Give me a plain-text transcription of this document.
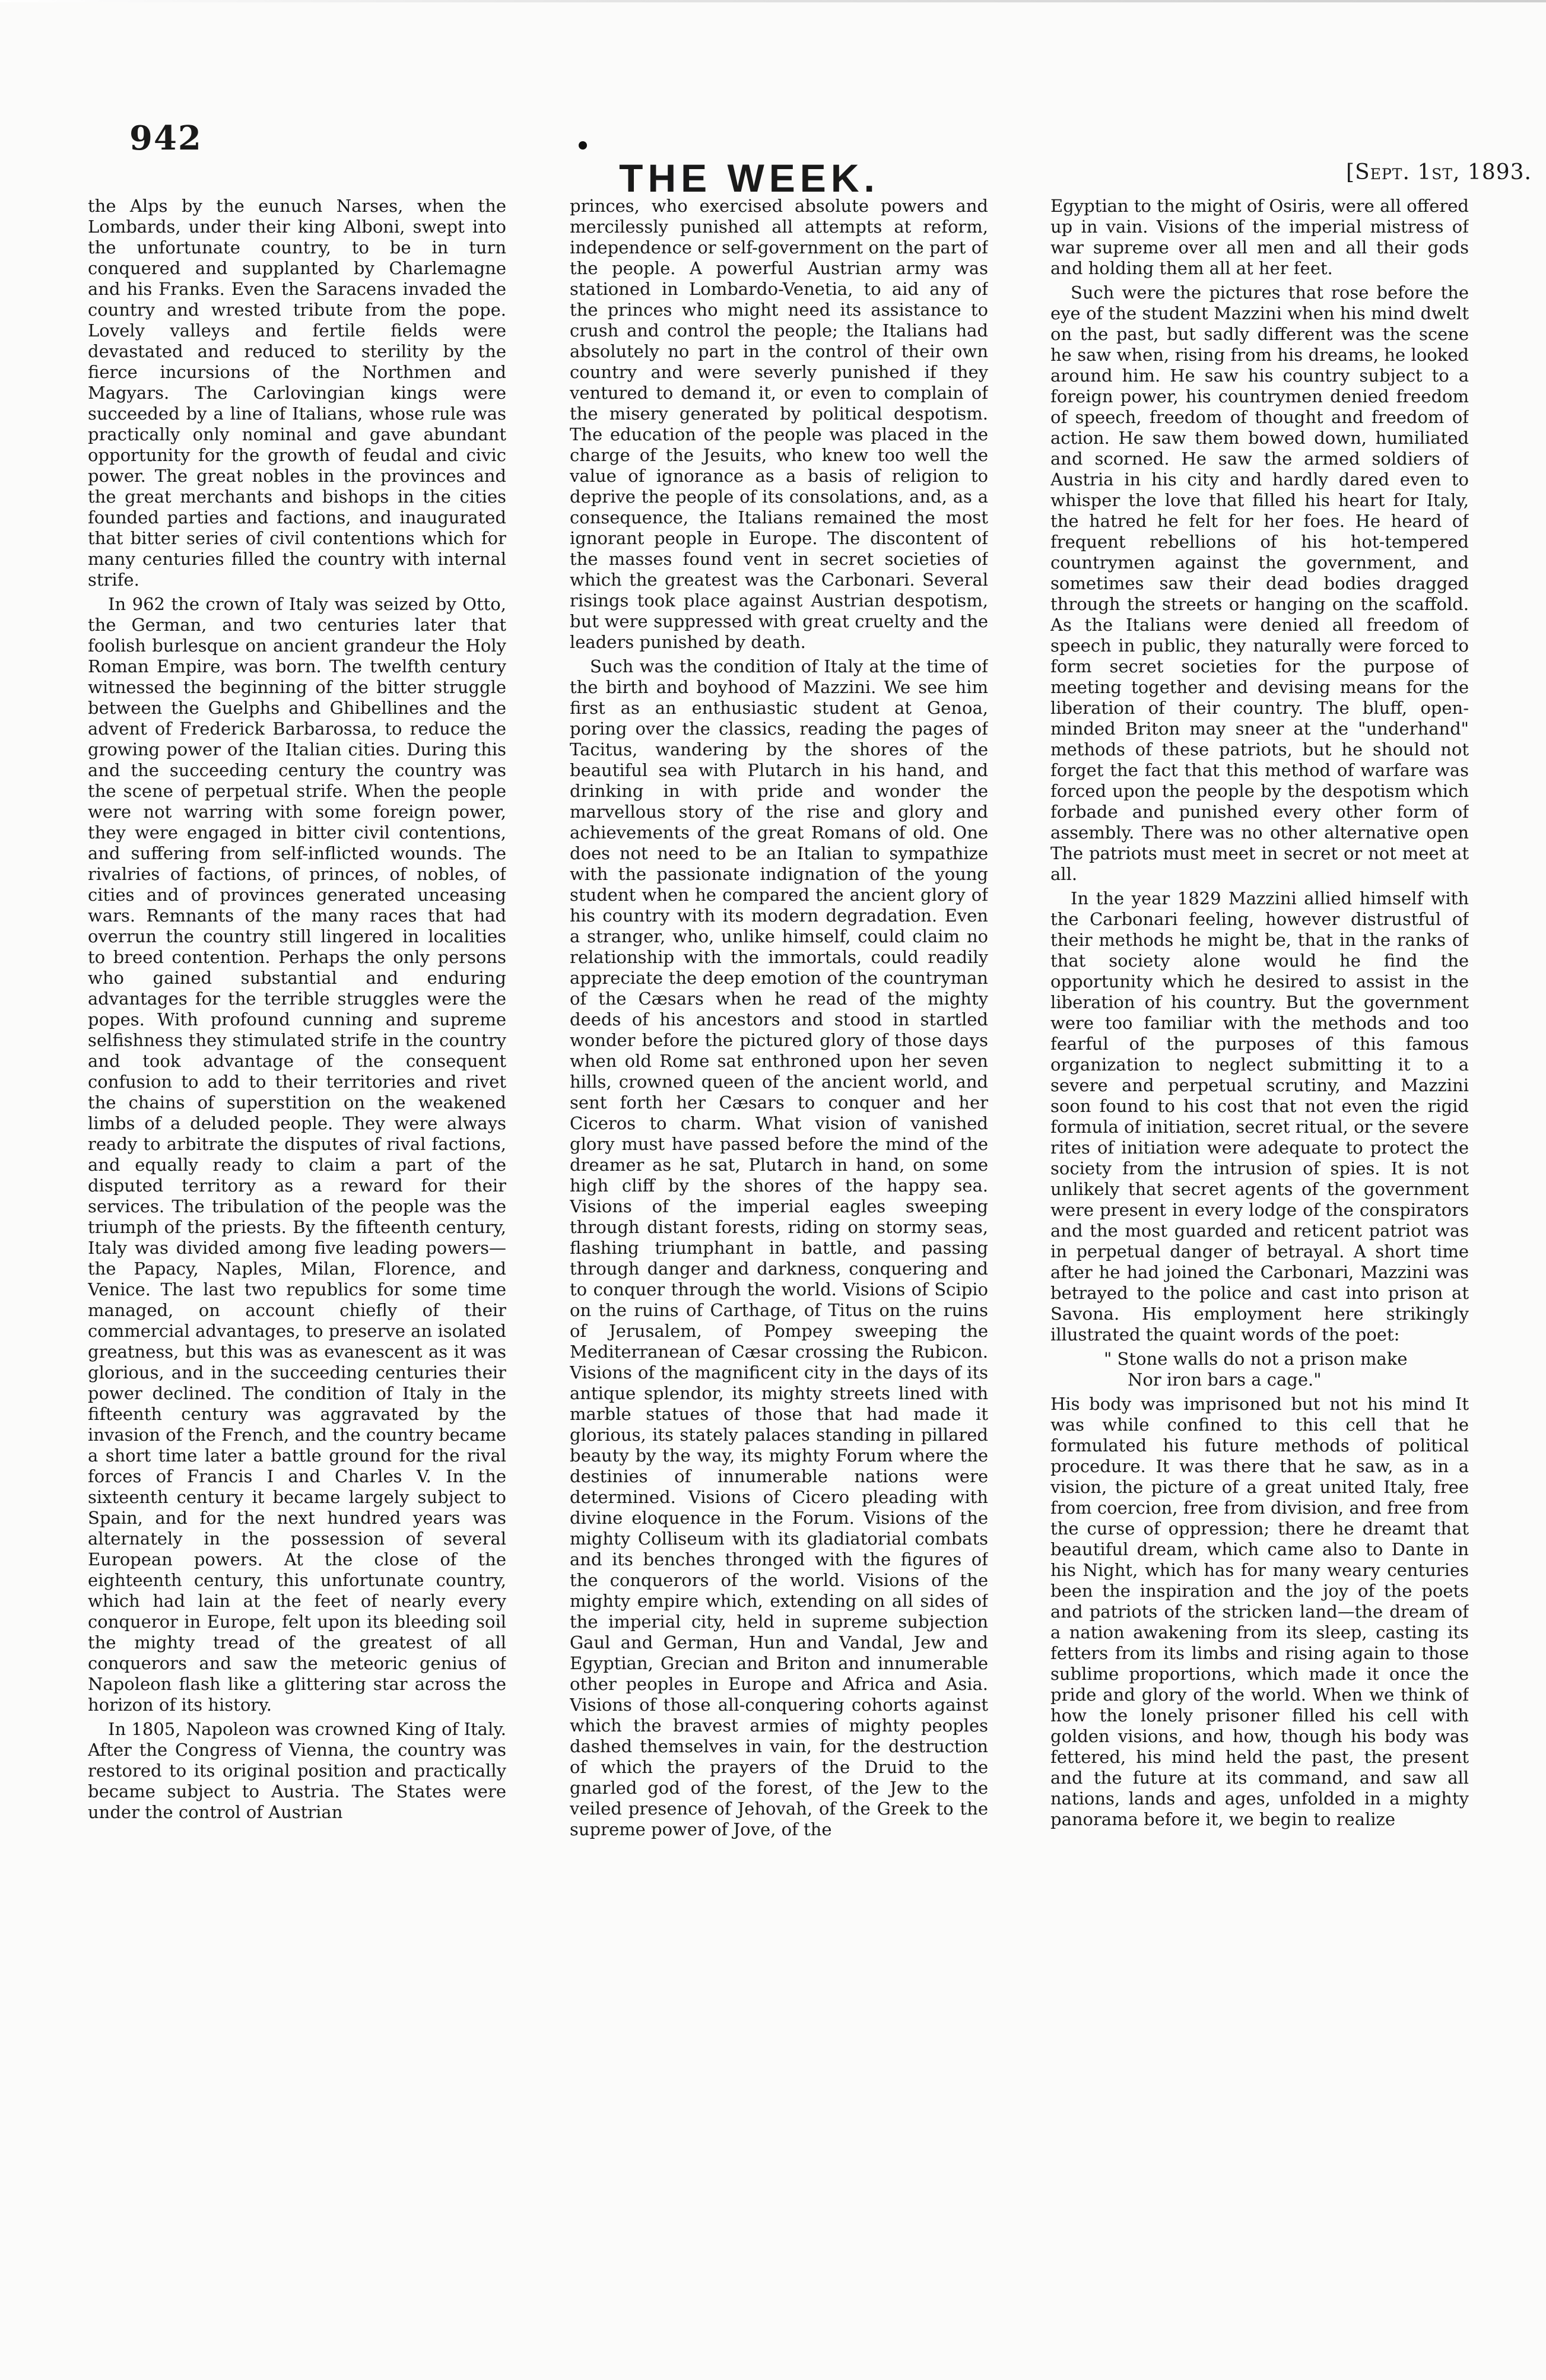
942
THE WEEK.	[Sept. 1st, 1893.

the Alps by the eunuch Narses, when the Lombards, under their king Alboni, swept into the unfortunate country, to be in turn conquered and supplanted by Charlemagne and his Franks. Even the Saracens invaded the country and wrested tribute from the pope. Lovely valleys and fertile fields were devastated and reduced to sterility by the fierce incursions of the Northmen and Magyars. The Carlovingian kings were succeeded by a line of Italians, whose rule was practically only nominal and gave abundant opportunity for the growth of feudal and civic power. The great nobles in the provinces and the great merchants and bishops in the cities founded parties and factions, and inaugurated that bitter series of civil contentions which for many centuries filled the country with internal strife.

In 962 the crown of Italy was seized by Otto, the German, and two centuries later that foolish burlesque on ancient grandeur the Holy Roman Empire, was born. The twelfth century witnessed the beginning of the bitter struggle between the Guelphs and Ghibellines and the advent of Frederick Barbarossa, to reduce the growing power of the Italian cities. During this and the succeeding century the country was the scene of perpetual strife. When the people were not warring with some foreign power, they were engaged in bitter civil contentions, and suffering from self-inflicted wounds. The rivalries of factions, of princes, of nobles, of cities and of provinces generated unceasing wars. Remnants of the many races that had overrun the country still lingered in localities to breed contention. Perhaps the only persons who gained substantial and enduring advantages for the terrible struggles were the popes. With profound cunning and supreme selfishness they stimulated strife in the country and took advantage of the consequent confusion to add to their territories and rivet the chains of superstition on the weakened limbs of a deluded people. They were always ready to arbitrate the disputes of rival factions, and equally ready to claim a part of the disputed territory as a reward for their services. The tribulation of the people was the triumph of the priests. By the fifteenth century, Italy was divided among five leading powers—the Papacy, Naples, Milan, Florence, and Venice. The last two republics for some time managed, on account chiefly of their commercial advantages, to preserve an isolated greatness, but this was as evanescent as it was glorious, and in the succeeding centuries their power declined. The condition of Italy in the fifteenth century was aggravated by the invasion of the French, and the country became a short time later a battle ground for the rival forces of Francis I and Charles V. In the sixteenth century it became largely subject to Spain, and for the next hundred years was alternately in the possession of several European powers. At the close of the eighteenth century, this unfortunate country, which had lain at the feet of nearly every conqueror in Europe, felt upon its bleeding soil the mighty tread of the greatest of all conquerors and saw the meteoric genius of Napoleon flash like a glittering star across the horizon of its history.

In 1805, Napoleon was crowned King of Italy. After the Congress of Vienna, the country was restored to its original position and practically became subject to Austria. The States were under the control of Austrian

princes, who exercised absolute powers and mercilessly punished all attempts at reform, independence or self-government on the part of the people. A powerful Austrian army was stationed in Lombardo-Venetia, to aid any of the princes who might need its assistance to crush and control the people; the Italians had absolutely no part in the control of their own country and were severly punished if they ventured to demand it, or even to complain of the misery generated by political despotism. The education of the people was placed in the charge of the Jesuits, who knew too well the value of ignorance as a basis of religion to deprive the people of its consolations, and, as a consequence, the Italians remained the most ignorant people in Europe. The discontent of the masses found vent in secret societies of which the greatest was the Carbonari. Several risings took place against Austrian despotism, but were suppressed with great cruelty and the leaders punished by death.

Such was the condition of Italy at the time of the birth and boyhood of Mazzini. We see him first as an enthusiastic student at Genoa, poring over the classics, reading the pages of Tacitus, wandering by the shores of the beautiful sea with Plutarch in his hand, and drinking in with pride and wonder the marvellous story of the rise and glory and achievements of the great Romans of old. One does not need to be an Italian to sympathize with the passionate indignation of the young student when he compared the ancient glory of his country with its modern degradation. Even a stranger, who, unlike himself, could claim no relationship with the immortals, could readily appreciate the deep emotion of the countryman of the Cæsars when he read of the mighty deeds of his ancestors and stood in startled wonder before the pictured glory of those days when old Rome sat enthroned upon her seven hills, crowned queen of the ancient world, and sent forth her Cæsars to conquer and her Ciceros to charm. What vision of vanished glory must have passed before the mind of the dreamer as he sat, Plutarch in hand, on some high cliff by the shores of the happy sea. Visions of the imperial eagles sweeping through distant forests, riding on stormy seas, flashing triumphant in battle, and passing through danger and darkness, conquering and to conquer through the world. Visions of Scipio on the ruins of Carthage, of Titus on the ruins of Jerusalem, of Pompey sweeping the Mediterranean of Cæsar crossing the Rubicon. Visions of the magnificent city in the days of its antique splendor, its mighty streets lined with marble statues of those that had made it glorious, its stately palaces standing in pillared beauty by the way, its mighty Forum where the destinies of innumerable nations were determined. Visions of Cicero pleading with divine eloquence in the Forum. Visions of the mighty Colliseum with its gladiatorial combats and its benches thronged with the figures of the conquerors of the world. Visions of the mighty empire which, extending on all sides of the imperial city, held in supreme subjection Gaul and German, Hun and Vandal, Jew and Egyptian, Grecian and Briton and innumerable other peoples in Europe and Africa and Asia. Visions of those all-conquering cohorts against which the bravest armies of mighty peoples dashed themselves in vain, for the destruction of which the prayers of the Druid to the gnarled god of the forest, of the Jew to the veiled presence of Jehovah, of the Greek to the supreme power of Jove, of the

Egyptian to the might of Osiris, were all offered up in vain. Visions of the imperial mistress of war supreme over all men and all their gods and holding them all at her feet.

Such were the pictures that rose before the eye of the student Mazzini when his mind dwelt on the past, but sadly different was the scene he saw when, rising from his dreams, he looked around him. He saw his country subject to a foreign power, his countrymen denied freedom of speech, freedom of thought and freedom of action. He saw them bowed down, humiliated and scorned. He saw the armed soldiers of Austria in his city and hardly dared even to whisper the love that filled his heart for Italy, the hatred he felt for her foes. He heard of frequent rebellions of his hot-tempered countrymen against the government, and sometimes saw their dead bodies dragged through the streets or hanging on the scaffold. As the Italians were denied all freedom of speech in public, they naturally were forced to form secret societies for the purpose of meeting together and devising means for the liberation of their country. The bluff, open-minded Briton may sneer at the "underhand" methods of these patriots, but he should not forget the fact that this method of warfare was forced upon the people by the despotism which forbade and punished every other form of assembly. There was no other alternative open The patriots must meet in secret or not meet at all.

In the year 1829 Mazzini allied himself with the Carbonari feeling, however distrustful of their methods he might be, that in the ranks of that society alone would he find the opportunity which he desired to assist in the liberation of his country. But the government were too familiar with the methods and too fearful of the purposes of this famous organization to neglect submitting it to a severe and perpetual scrutiny, and Mazzini soon found to his cost that not even the rigid formula of initiation, secret ritual, or the severe rites of initiation were adequate to protect the society from the intrusion of spies. It is not unlikely that secret agents of the government were present in every lodge of the conspirators and the most guarded and reticent patriot was in perpetual danger of betrayal. A short time after he had joined the Carbonari, Mazzini was betrayed to the police and cast into prison at Savona. His employment here strikingly illustrated the quaint words of the poet:

" Stone walls do not a prison make

Nor iron bars a cage."

His body was imprisoned but not his mind It was while confined to this cell that he formulated his future methods of political procedure. It was there that he saw, as in a vision, the picture of a great united Italy, free from coercion, free from division, and free from the curse of oppression; there he dreamt that beautiful dream, which came also to Dante in his Night, which has for many weary centuries been the inspiration and the joy of the poets and patriots of the stricken land—the dream of a nation awakening from its sleep, casting its fetters from its limbs and rising again to those sublime proportions, which made it once the pride and glory of the world. When we think of how the lonely prisoner filled his cell with golden visions, and how, though his body was fettered, his mind held the past, the present and the future at its command, and saw all nations, lands and ages, unfolded in a mighty panorama before it, we begin to realize
